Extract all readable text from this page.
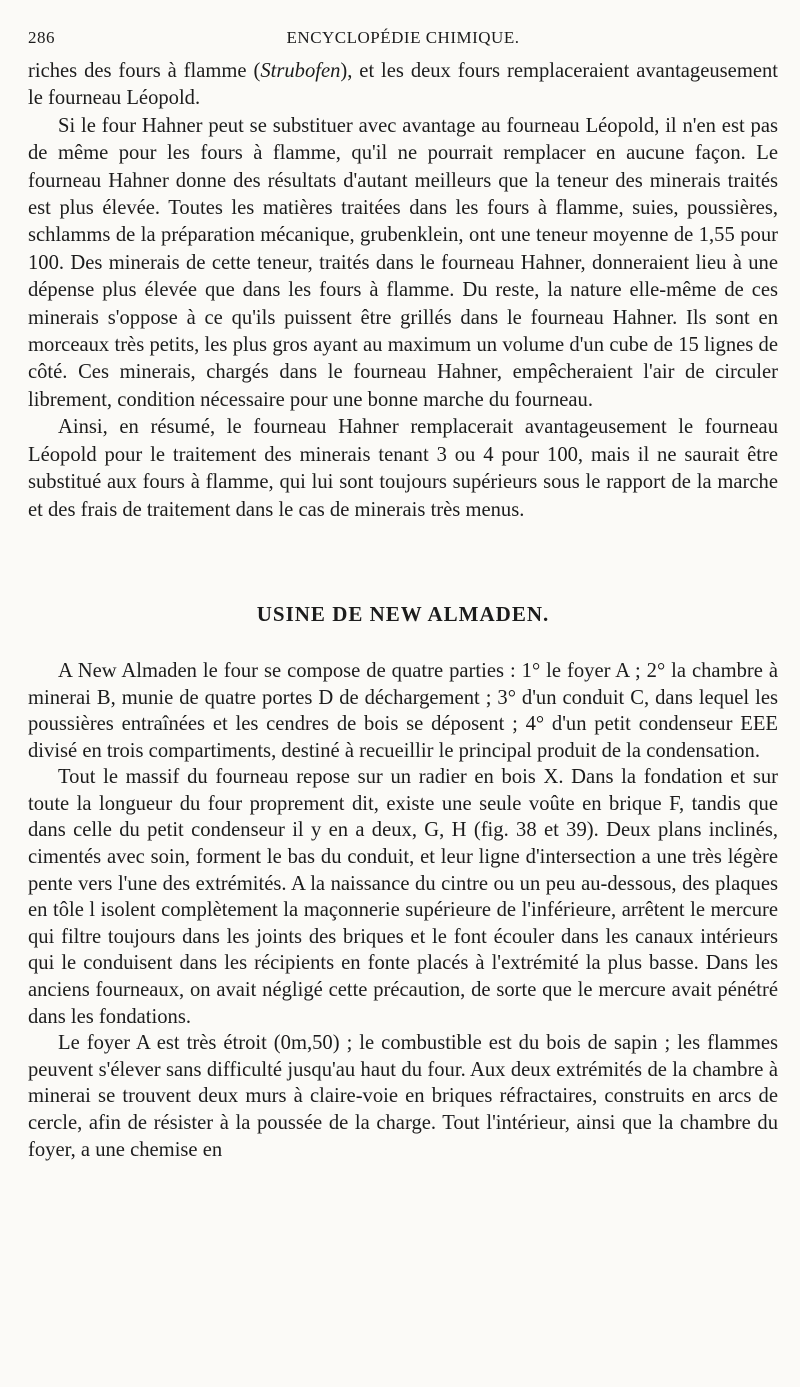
286	ENCYCLOPÉDIE CHIMIQUE.

riches des fours à flamme (Strubofen), et les deux fours remplaceraient avantageusement le fourneau Léopold.

Si le four Hahner peut se substituer avec avantage au fourneau Léopold, il n'en est pas de même pour les fours à flamme, qu'il ne pourrait remplacer en aucune façon. Le fourneau Hahner donne des résultats d'autant meilleurs que la teneur des minerais traités est plus élevée. Toutes les matières traitées dans les fours à flamme, suies, poussières, schlamms de la préparation mécanique, grubenklein, ont une teneur moyenne de 1,55 pour 100. Des minerais de cette teneur, traités dans le fourneau Hahner, donneraient lieu à une dépense plus élevée que dans les fours à flamme. Du reste, la nature elle-même de ces minerais s'oppose à ce qu'ils puissent être grillés dans le fourneau Hahner. Ils sont en morceaux très petits, les plus gros ayant au maximum un volume d'un cube de 15 lignes de côté. Ces minerais, chargés dans le fourneau Hahner, empêcheraient l'air de circuler librement, condition nécessaire pour une bonne marche du fourneau.

Ainsi, en résumé, le fourneau Hahner remplacerait avantageusement le fourneau Léopold pour le traitement des minerais tenant 3 ou 4 pour 100, mais il ne saurait être substitué aux fours à flamme, qui lui sont toujours supérieurs sous le rapport de la marche et des frais de traitement dans le cas de minerais très menus.

USINE DE NEW ALMADEN.

A New Almaden le four se compose de quatre parties : 1° le foyer A ; 2° la chambre à minerai B, munie de quatre portes D de déchargement ; 3° d'un conduit C, dans lequel les poussières entraînées et les cendres de bois se déposent ; 4° d'un petit condenseur EEE divisé en trois compartiments, destiné à recueillir le principal produit de la condensation.

Tout le massif du fourneau repose sur un radier en bois X. Dans la fondation et sur toute la longueur du four proprement dit, existe une seule voûte en brique F, tandis que dans celle du petit condenseur il y en a deux, G, H (fig. 38 et 39). Deux plans inclinés, cimentés avec soin, forment le bas du conduit, et leur ligne d'intersection a une très légère pente vers l'une des extrémités. A la naissance du cintre ou un peu au-dessous, des plaques en tôle l isolent complètement la maçonnerie supérieure de l'inférieure, arrêtent le mercure qui filtre toujours dans les joints des briques et le font écouler dans les canaux intérieurs qui le conduisent dans les récipients en fonte placés à l'extrémité la plus basse. Dans les anciens fourneaux, on avait négligé cette précaution, de sorte que le mercure avait pénétré dans les fondations.

Le foyer A est très étroit (0m,50) ; le combustible est du bois de sapin ; les flammes peuvent s'élever sans difficulté jusqu'au haut du four. Aux deux extrémités de la chambre à minerai se trouvent deux murs à claire-voie en briques réfractaires, construits en arcs de cercle, afin de résister à la poussée de la charge. Tout l'intérieur, ainsi que la chambre du foyer, a une chemise en
